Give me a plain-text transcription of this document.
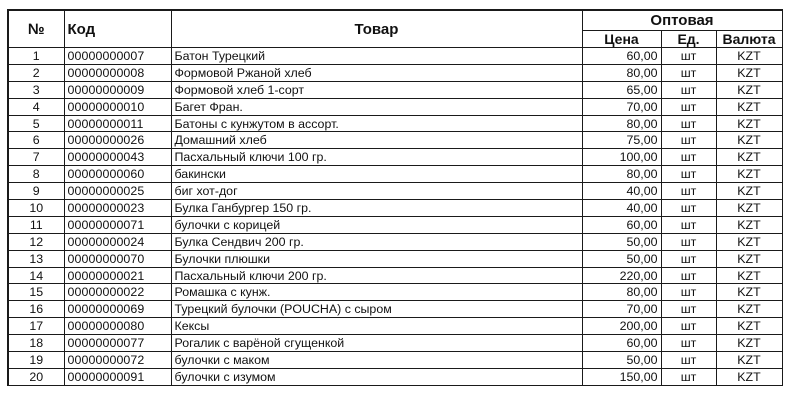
№	Код	Товар	Оптовая		
			Цена	Ед.	Валюта
1	00000000007	Батон Турецкий	60,00	шт	KZT
2	00000000008	Формовой Ржаной хлеб	80,00	шт	KZT
3	00000000009	Формовой хлеб 1-сорт	65,00	шт	KZT
4	00000000010	Багет Фран.	70,00	шт	KZT
5	00000000011	Батоны с кунжутом в ассорт.	80,00	шт	KZT
6	00000000026	Домашний хлеб	75,00	шт	KZT
7	00000000043	Пасхальный ключи 100 гр.	100,00	шт	KZT
8	00000000060	бакински	80,00	шт	KZT
9	00000000025	биг хот-дог	40,00	шт	KZT
10	00000000023	Булка Ганбургер 150 гр.	40,00	шт	KZT
11	00000000071	булочки с корицей	60,00	шт	KZT
12	00000000024	Булка Сендвич 200 гр.	50,00	шт	KZT
13	00000000070	Булочки плюшки	50,00	шт	KZT
14	00000000021	Пасхальный ключи 200 гр.	220,00	шт	KZT
15	00000000022	Ромашка с кунж.	80,00	шт	KZT
16	00000000069	Турецкий булочки (POUCHA) с сыром	70,00	шт	KZT
17	00000000080	Кексы	200,00	шт	KZT
18	00000000077	Рогалик с варёной сгущенкой	60,00	шт	KZT
19	00000000072	булочки с маком	50,00	шт	KZT
20	00000000091	булочки с изумом	150,00	шт	KZT
